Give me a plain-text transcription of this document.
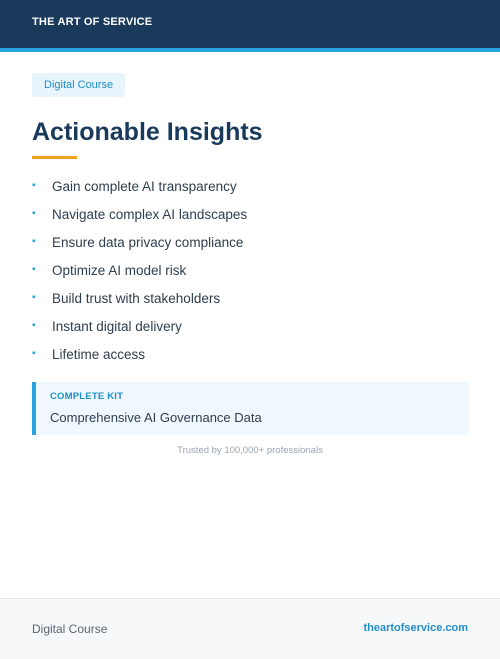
THE ART OF SERVICE
Digital Course
Actionable Insights
▪	Gain complete AI transparency
▪	Navigate complex AI landscapes
▪	Ensure data privacy compliance
▪	Optimize AI model risk
▪	Build trust with stakeholders
▪	Instant digital delivery
▪	Lifetime access
COMPLETE KIT
Comprehensive AI Governance Data
Trusted by 100,000+ professionals
Digital Course	theartofservice.com
